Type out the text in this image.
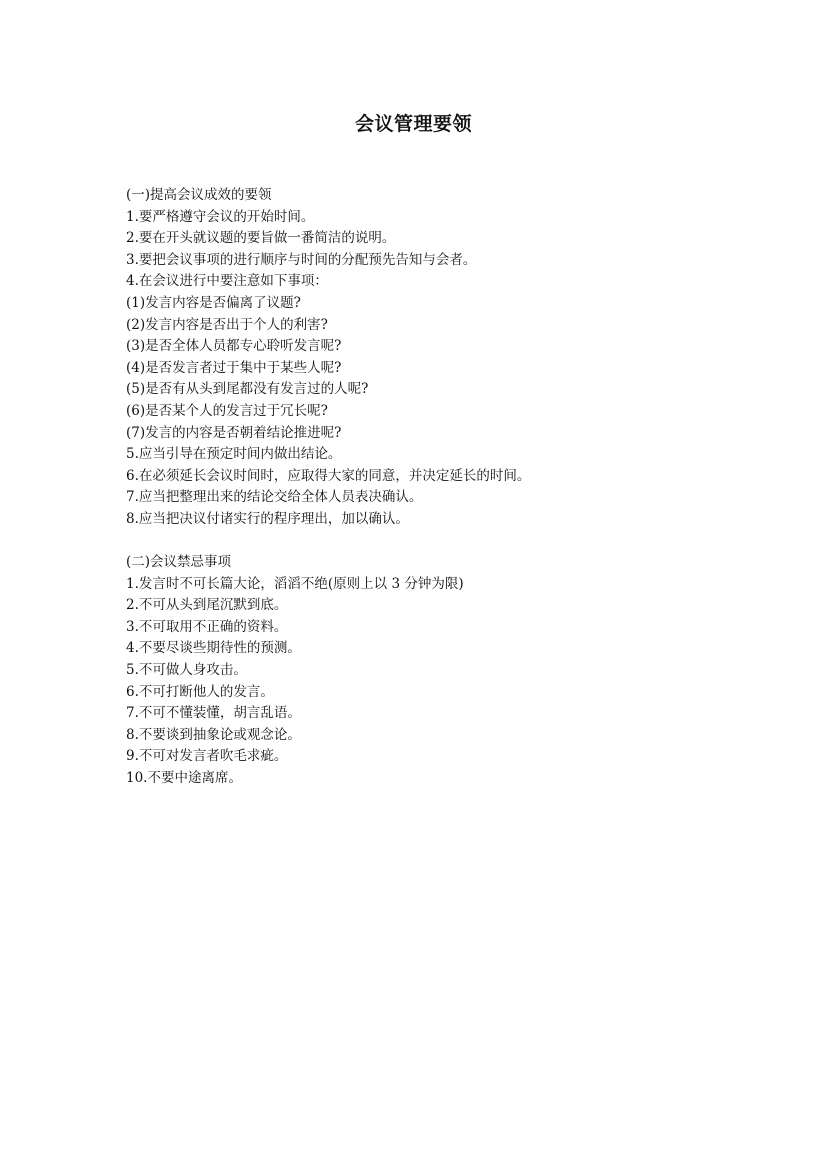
会议管理要领
(一)提高会议成效的要领
1.要严格遵守会议的开始时间。
2.要在开头就议题的要旨做一番简洁的说明。
3.要把会议事项的进行顺序与时间的分配预先告知与会者。
4.在会议进行中要注意如下事项：
(1)发言内容是否偏离了议题?
(2)发言内容是否出于个人的利害?
(3)是否全体人员都专心聆听发言呢?
(4)是否发言者过于集中于某些人呢?
(5)是否有从头到尾都没有发言过的人呢?
(6)是否某个人的发言过于冗长呢?
(7)发言的内容是否朝着结论推进呢?
5.应当引导在预定时间内做出结论。
6.在必须延长会议时间时，应取得大家的同意，并决定延长的时间。
7.应当把整理出来的结论交给全体人员表决确认。
8.应当把决议付诸实行的程序理出，加以确认。
(二)会议禁忌事项
1.发言时不可长篇大论，滔滔不绝(原则上以 3 分钟为限)
2.不可从头到尾沉默到底。
3.不可取用不正确的资料。
4.不要尽谈些期待性的预测。
5.不可做人身攻击。
6.不可打断他人的发言。
7.不可不懂装懂，胡言乱语。
8.不要谈到抽象论或观念论。
9.不可对发言者吹毛求疵。
10.不要中途离席。
